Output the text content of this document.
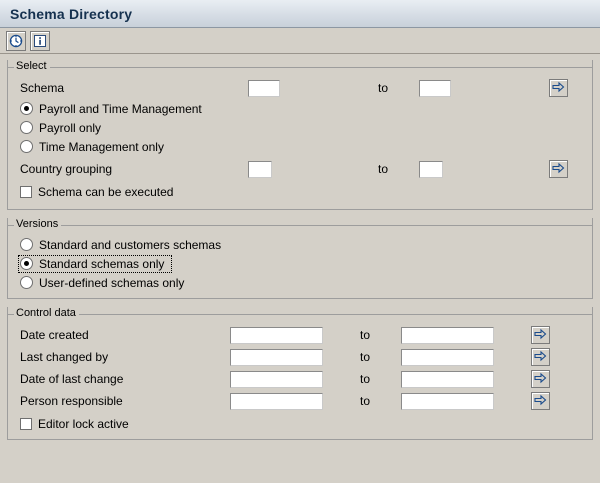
Schema Directory
Select
Schema	to
Payroll and Time Management
Payroll only
Time Management only
Country grouping	to
Schema can be executed
Versions
Standard and customers schemas
Standard schemas only
User-defined schemas only
Control data
Date created	to
Last changed by	to
Date of last change	to
Person responsible	to
Editor lock active
